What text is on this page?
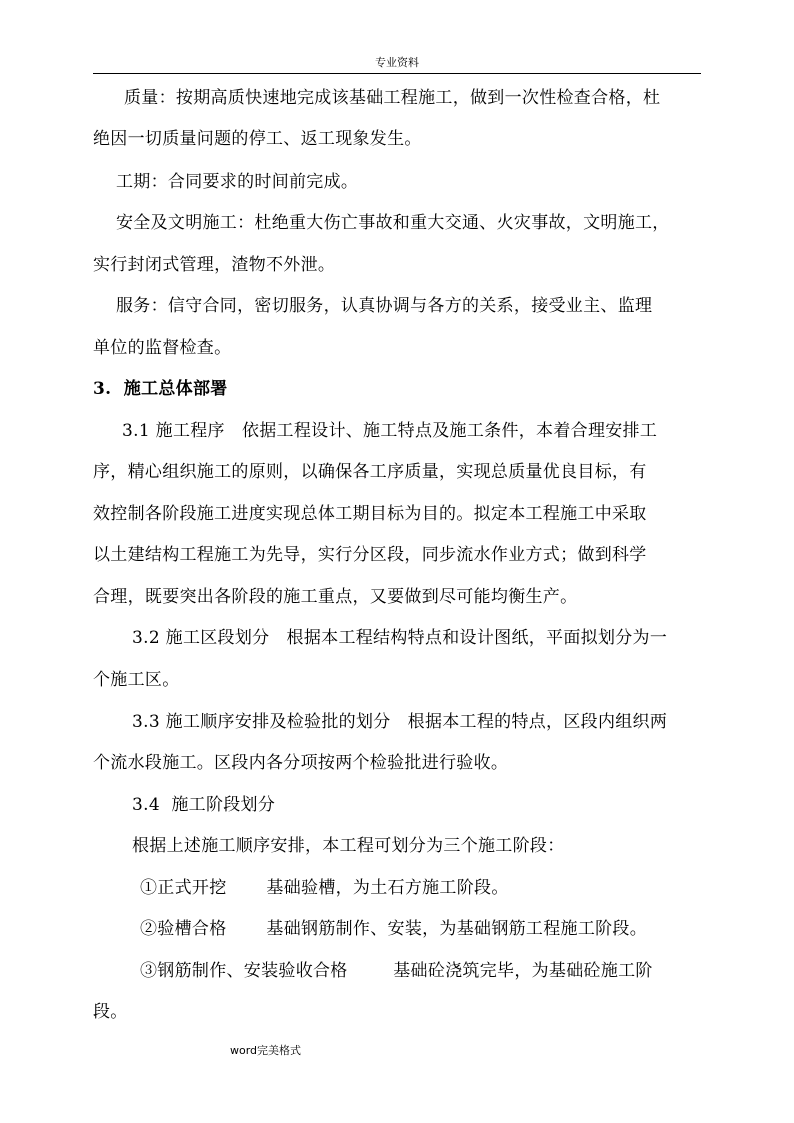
专业资料
质量：按期高质快速地完成该基础工程施工，做到一次性检查合格，杜
绝因一切质量问题的停工、返工现象发生。
工期：合同要求的时间前完成。
安全及文明施工：杜绝重大伤亡事故和重大交通、火灾事故，文明施工，
实行封闭式管理，渣物不外泄。
服务：信守合同，密切服务，认真协调与各方的关系，接受业主、监理
单位的监督检查。
3.  施工总体部署
3.1 施工程序   依据工程设计、施工特点及施工条件，本着合理安排工
序，精心组织施工的原则，以确保各工序质量，实现总质量优良目标，有
效控制各阶段施工进度实现总体工期目标为目的。拟定本工程施工中采取
以土建结构工程施工为先导，实行分区段，同步流水作业方式；做到科学
合理，既要突出各阶段的施工重点，又要做到尽可能均衡生产。
3.2 施工区段划分   根据本工程结构特点和设计图纸，平面拟划分为一
个施工区。
3.3 施工顺序安排及检验批的划分   根据本工程的特点，区段内组织两
个流水段施工。区段内各分项按两个检验批进行验收。
3.4  施工阶段划分
根据上述施工顺序安排，本工程可划分为三个施工阶段：
①正式开挖       基础验槽，为土石方施工阶段。
②验槽合格       基础钢筋制作、安装，为基础钢筋工程施工阶段。
③钢筋制作、安装验收合格        基础砼浇筑完毕，为基础砼施工阶
段。
word完美格式
